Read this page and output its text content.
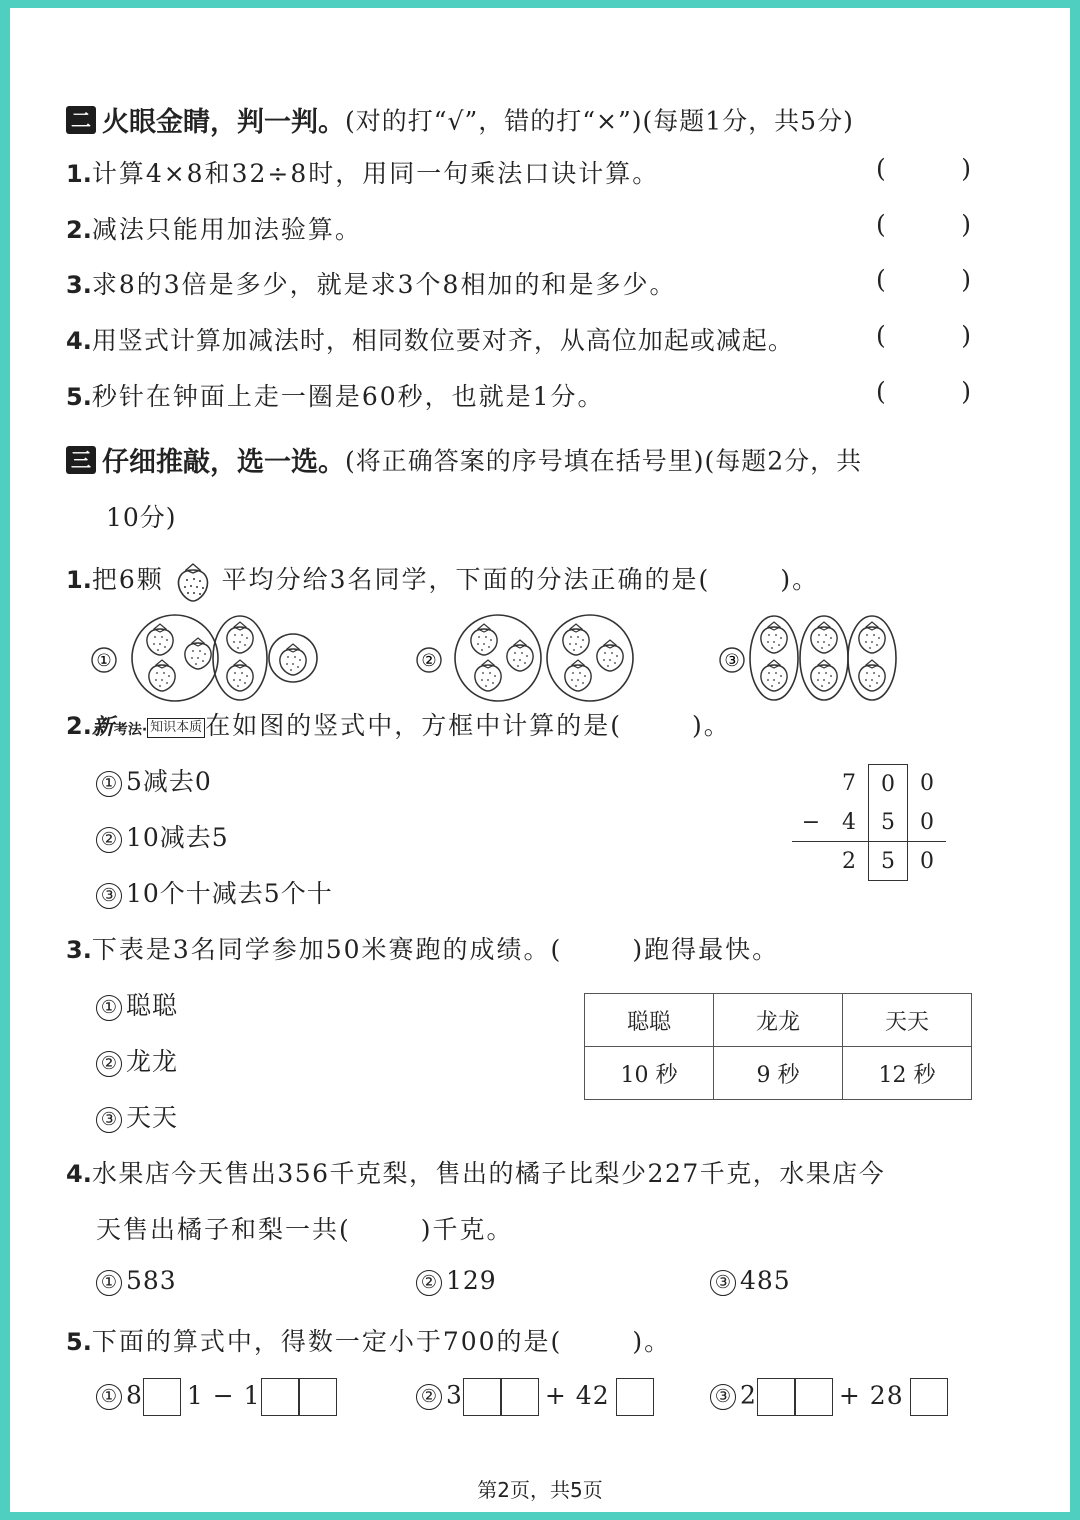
二 火眼金睛，判一判。(对的打“√”，错的打“×”)(每题1分，共5分)
1.计算4×8和32÷8时，用同一句乘法口诀计算。	(	)
2.减法只能用加法验算。	(	)
3.求8的3倍是多少，就是求3个8相加的和是多少。	(	)
4.用竖式计算加减法时，相同数位要对齐，从高位加起或减起。	(	)
5.秒针在钟面上走一圈是60秒，也就是1分。	(	)
三 仔细推敲，选一选。(将正确答案的序号填在括号里)(每题2分，共
10分)
1.把6颗 平均分给3名同学，下面的分法正确的是(	)。
①	②	③
2.新考法· 知识本质 在如图的竖式中，方框中计算的是(	)。
① 5减去0
② 10减去5
③ 10个十减去5个十
	7	0	0
−	4	5	0
	2	5	0
3.下表是3名同学参加50米赛跑的成绩。(	)跑得最快。
① 聪聪
② 龙龙
③ 天天
聪聪	龙龙	天天
10 秒	9 秒	12 秒
4.水果店今天售出356千克梨，售出的橘子比梨少227千克，水果店今
天售出橘子和梨一共(	)千克。
① 583	② 129	③ 485
5.下面的算式中，得数一定小于700的是(	)。
① 8 1 − 1	② 3	+ 42	③ 2	+ 28
第2页，共5页
